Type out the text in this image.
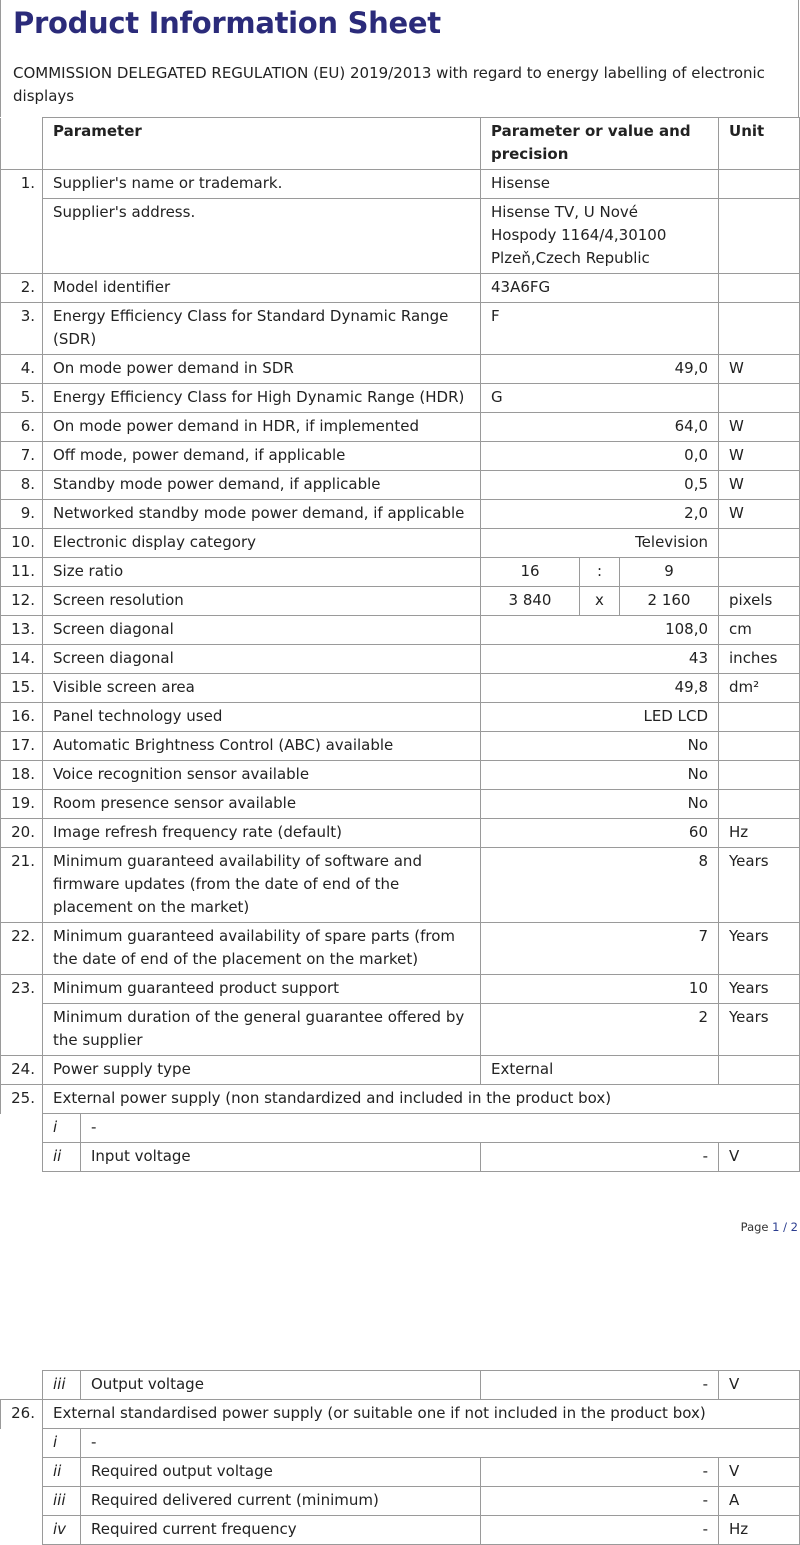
Product Information Sheet

COMMISSION DELEGATED REGULATION (EU) 2019/2013 with regard to energy labelling of electronic displays

	Parameter		Parameter or value and precision			Unit
1.	Supplier's name or trademark.		Hisense			
	Supplier's address.		Hisense TV, U Nové Hospody 1164/4,30100 Plzeň,Czech Republic			
2.	Model identifier		43A6FG			
3.	Energy Efficiency Class for Standard Dynamic Range (SDR)		F			
4.	On mode power demand in SDR		49,0			W
5.	Energy Efficiency Class for High Dynamic Range (HDR)		G			
6.	On mode power demand in HDR, if implemented		64,0			W
7.	Off mode, power demand, if applicable		0,0			W
8.	Standby mode power demand, if applicable		0,5			W
9.	Networked standby mode power demand, if applicable		2,0			W
10.	Electronic display category		Television			
11.	Size ratio		16	:	9	
12.	Screen resolution		3 840	x	2 160	pixels
13.	Screen diagonal		108,0			cm
14.	Screen diagonal		43			inches
15.	Visible screen area		49,8			dm²
16.	Panel technology used		LED LCD			
17.	Automatic Brightness Control (ABC) available		No			
18.	Voice recognition sensor available		No			
19.	Room presence sensor available		No			
20.	Image refresh frequency rate (default)		60			Hz
21.	Minimum guaranteed availability of software and firmware updates (from the date of end of the placement on the market)		8			Years
22.	Minimum guaranteed availability of spare parts (from the date of end of the placement on the market)		7			Years
23.	Minimum guaranteed product support		10			Years
	Minimum duration of the general guarantee offered by the supplier		2			Years
24.	Power supply type		External			
25.	External power supply (non standardized and included in the product box)					
	i	-				
	ii	Input voltage	-			V
Page 1 / 2
	iii	Output voltage	-	V
26.	External standardised power supply (or suitable one if not included in the product box)			
	i	-		
	ii	Required output voltage	-	V
	iii	Required delivered current (minimum)	-	A
	iv	Required current frequency	-	Hz
